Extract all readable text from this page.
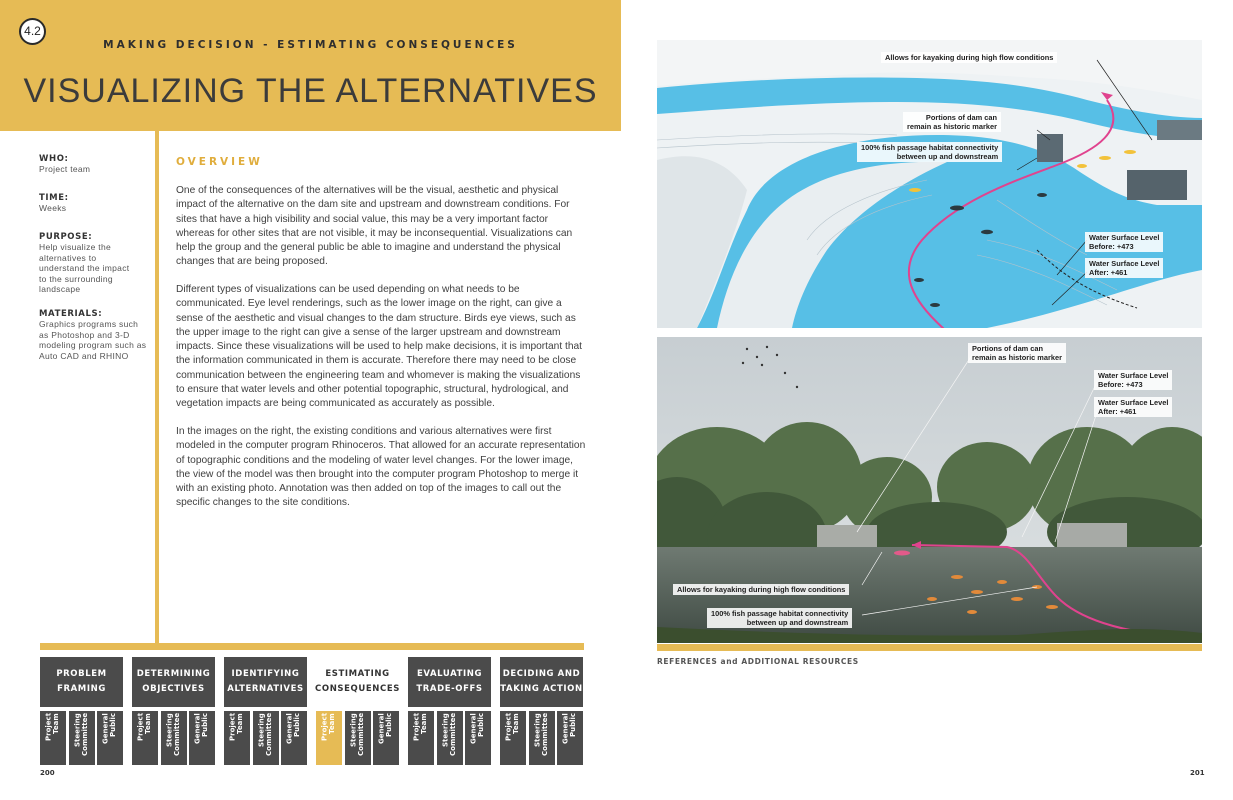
4.2
MAKING DECISION - ESTIMATING CONSEQUENCES
VISUALIZING THE ALTERNATIVES
WHO:
Project team
TIME:
Weeks
PURPOSE:
Help visualize the alternatives to understand the impact to the surrounding landscape
MATERIALS:
Graphics programs such as Photoshop and 3-D modeling program such as Auto CAD and RHINO
OVERVIEW

One of the consequences of the alternatives will be the visual, aesthetic and physical impact of the alternative on the dam site and upstream and downstream conditions. For sites that have a high visibility and social value, this may be a very important factor whereas for other sites that are not visible, it may be inconsequential. Visualizations can help the group and the general public be able to imagine and understand the physical changes that are being proposed.

Different types of visualizations can be used depending on what needs to be communicated. Eye level renderings, such as the lower image on the right, can give a sense of the aesthetic and visual changes to the dam structure. Birds eye views, such as the upper image to the right can give a sense of the larger upstream and downstream impacts. Since these visualizations will be used to help make decisions, it is important that the information communicated in them is accurate. Therefore there may need to be close communication between the engineering team and whomever is making the visualizations to ensure that water levels and other potential topographic, structural, hydrological, and vegetation impacts are being communicated as accurately as possible.

In the images on the right, the existing conditions and various alternatives were first modeled in the computer program Rhinoceros. That allowed for an accurate representation of topographic conditions and the modeling of water level changes. For the lower image, the view of the model was then brought into the computer program Photoshop to merge it with an existing photo. Annotation was then added on top of the images to call out the specific changes to the site conditions.

PROBLEM
FRAMING
DETERMINING
OBJECTIVES
IDENTIFYING
ALTERNATIVES
ESTIMATING
CONSEQUENCES
EVALUATING
TRADE-OFFS
DECIDING AND
TAKING ACTION
Project
Team Steering
Committee General
Public	Project
Team Steering
Committee General
Public	Project
Team Steering
Committee General
Public	Project
Team Steering
Committee General
Public	Project
Team Steering
Committee General
Public	Project
Team Steering
Committee General
Public
200	201
REFERENCES and ADDITIONAL RESOURCES
Allows for kayaking during high flow conditions
Portions of dam can
remain as historic marker
100% fish passage habitat connectivity
between up and downstream
Water Surface Level
Before: +473
Water Surface Level
After: +461
Portions of dam can
remain as historic marker
Water Surface Level
Before: +473
Water Surface Level
After: +461
Allows for kayaking during high flow conditions
100% fish passage habitat connectivity
between up and downstream
